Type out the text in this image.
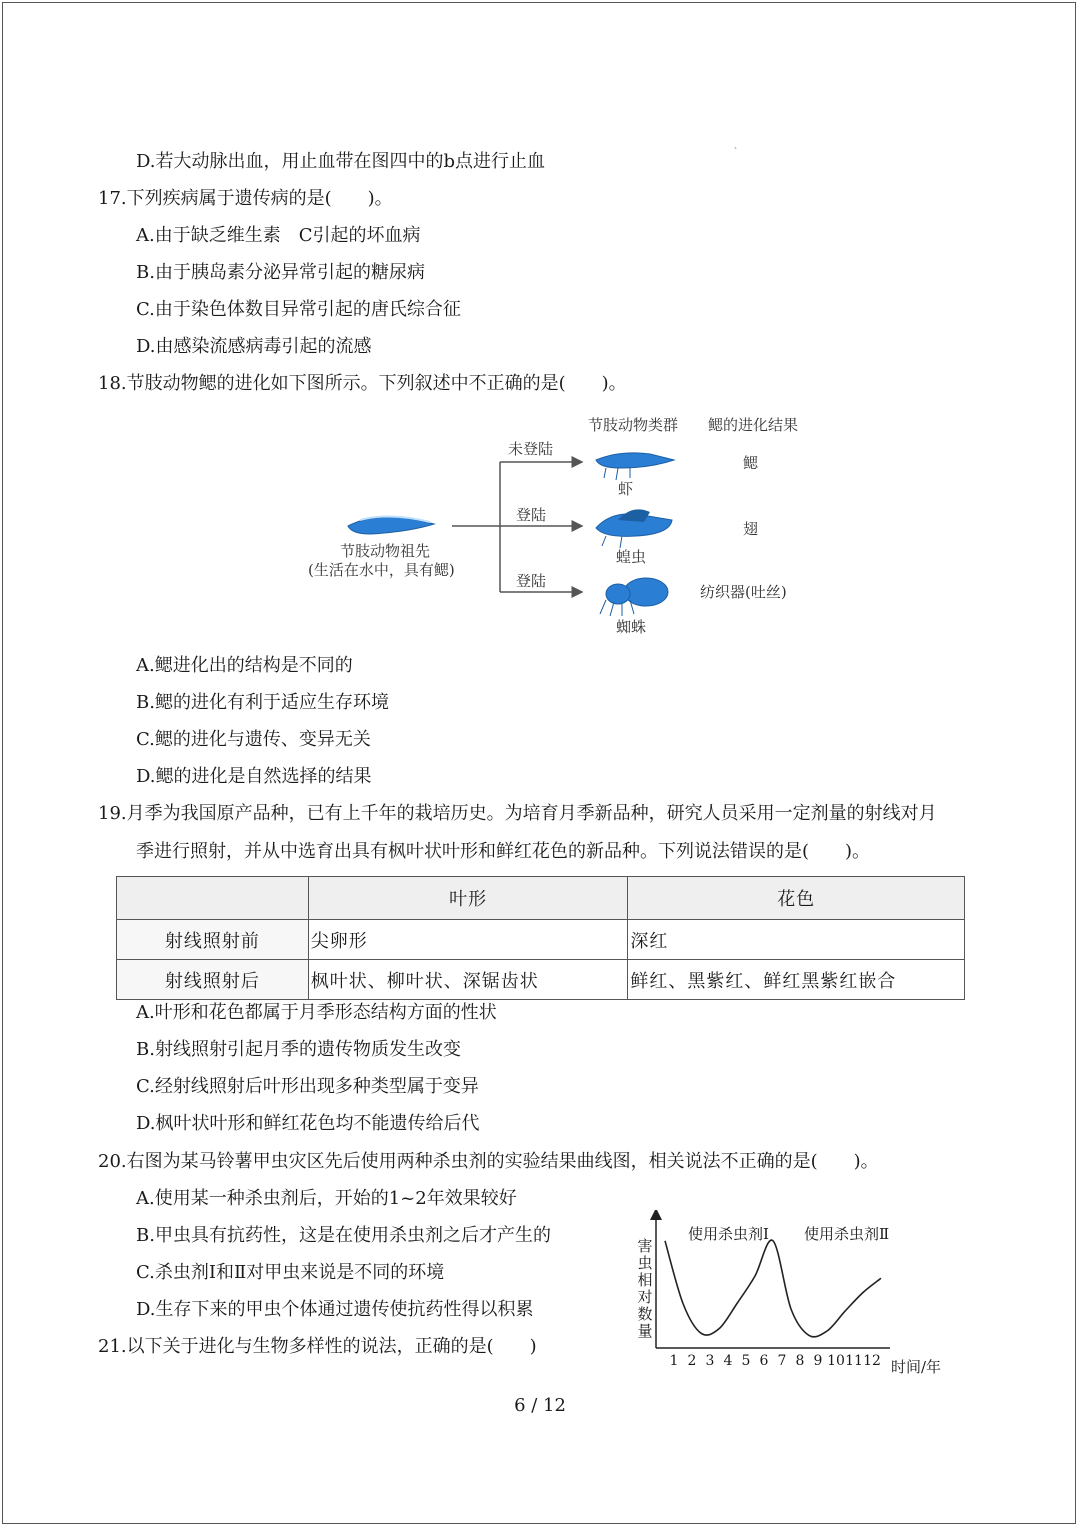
、
D.若大动脉出血，用止血带在图四中的b点进行止血
17.下列疾病属于遗传病的是(　　)。
A.由于缺乏维生素　C引起的坏血病
B.由于胰岛素分泌异常引起的糖尿病
C.由于染色体数目异常引起的唐氏综合征
D.由感染流感病毒引起的流感
18.节肢动物鳃的进化如下图所示。下列叙述中不正确的是(　　)。
节肢动物类群 鳃的进化结果
节肢动物祖先
(生活在水中，具有鳃)
未登陆
虾
鳃
登陆
蝗虫
翅
登陆
蜘蛛
纺织器(吐丝)
A.鳃进化出的结构是不同的
B.鳃的进化有利于适应生存环境
C.鳃的进化与遗传、变异无关
D.鳃的进化是自然选择的结果
19.月季为我国原产品种，已有上千年的栽培历史。为培育月季新品种，研究人员采用一定剂量的射线对月
季进行照射，并从中选育出具有枫叶状叶形和鲜红花色的新品种。下列说法错误的是(　　)。
	叶形	花色
射线照射前	尖卵形	深红
射线照射后	枫叶状、柳叶状、深锯齿状	鲜红、黑紫红、鲜红黑紫红嵌合
A.叶形和花色都属于月季形态结构方面的性状
B.射线照射引起月季的遗传物质发生改变
C.经射线照射后叶形出现多种类型属于变异
D.枫叶状叶形和鲜红花色均不能遗传给后代
20.右图为某马铃薯甲虫灾区先后使用两种杀虫剂的实验结果曲线图，相关说法不正确的是(　　)。
A.使用某一种杀虫剂后，开始的1~2年效果较好
B.甲虫具有抗药性，这是在使用杀虫剂之后才产生的
C.杀虫剂Ⅰ和Ⅱ对甲虫来说是不同的环境
D.生存下来的甲虫个体通过遗传使抗药性得以积累
害虫相对数量
使用杀虫剂Ⅰ 使用杀虫剂Ⅱ
时间/年
1 2 3 4 5 6 7 8 9 10 11 12
21.以下关于进化与生物多样性的说法，正确的是(　　)
6 / 12
